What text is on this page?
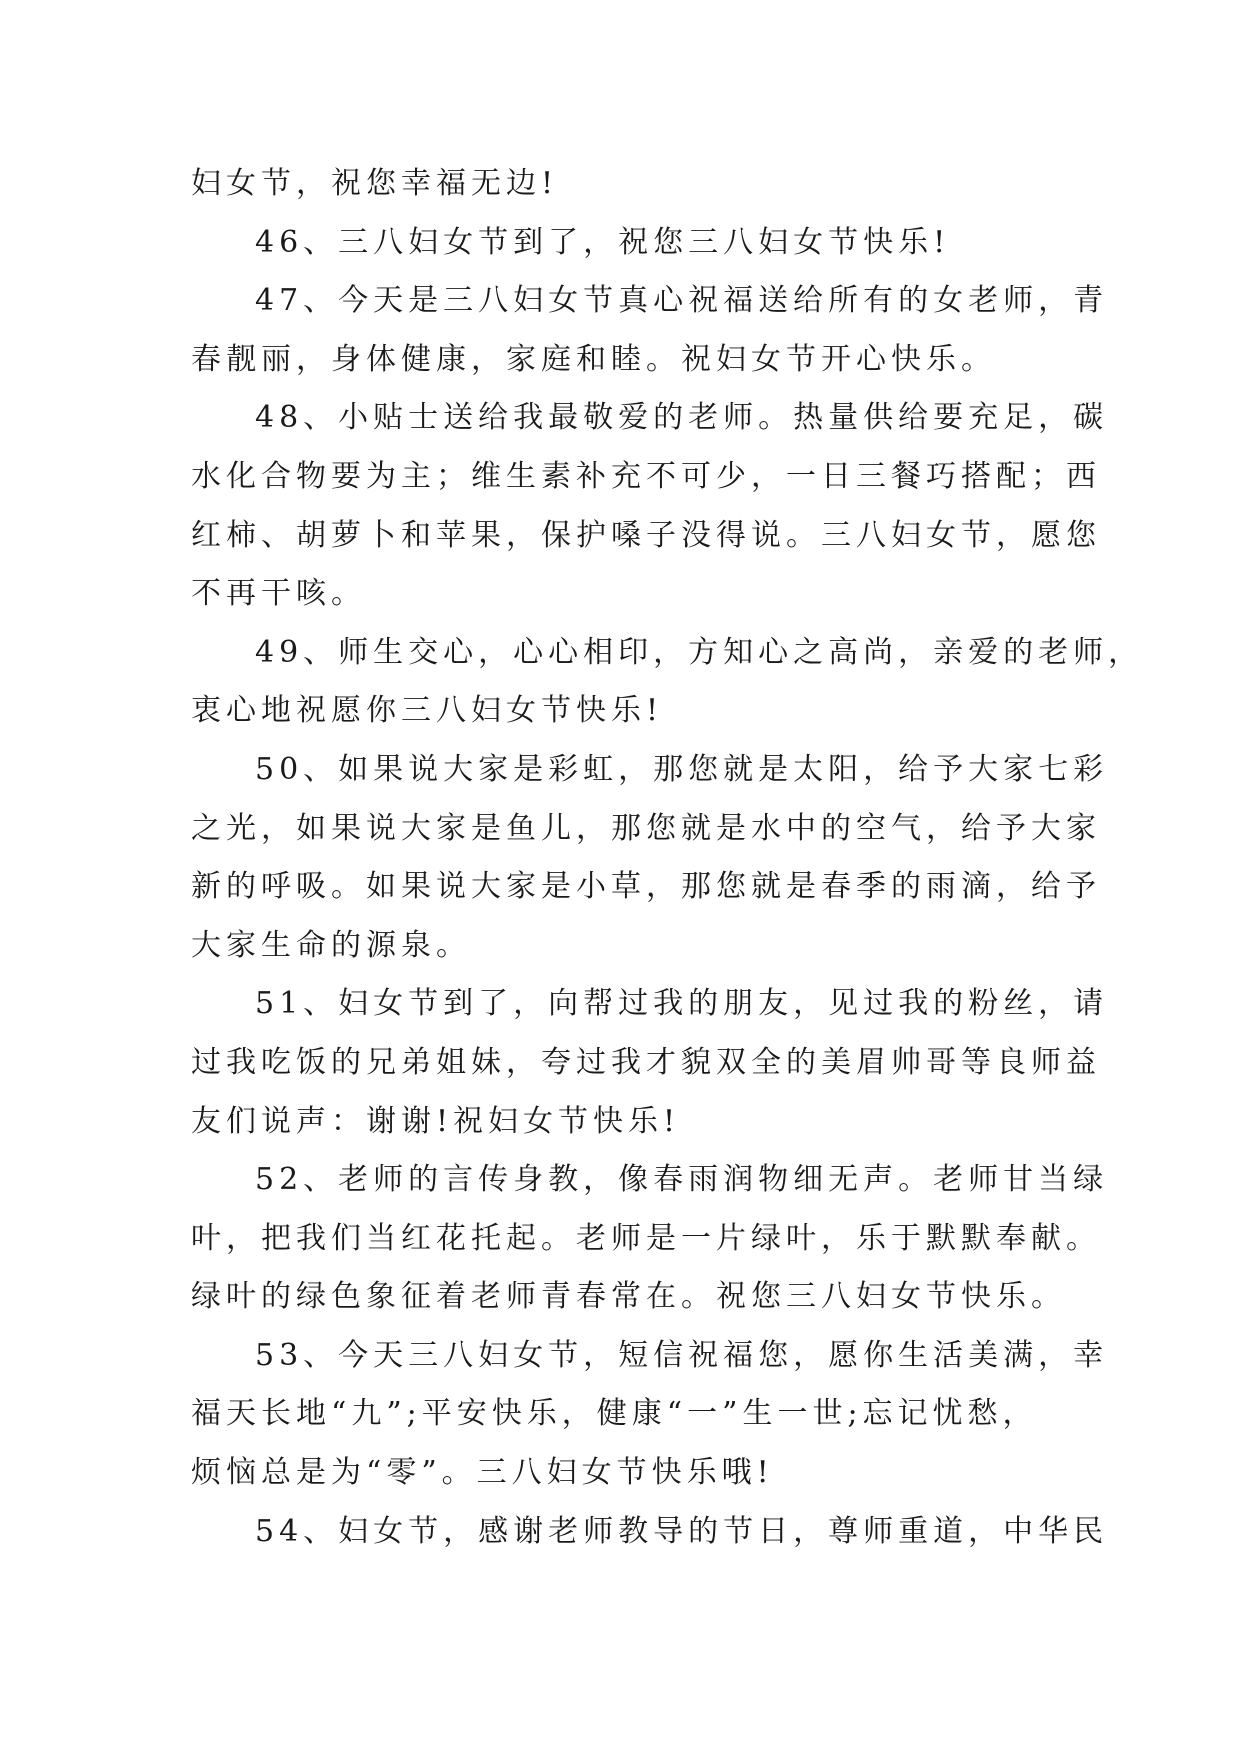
妇女节，祝您幸福无边!
46、三八妇女节到了，祝您三八妇女节快乐!
47、今天是三八妇女节真心祝福送给所有的女老师，青
春靓丽，身体健康，家庭和睦。祝妇女节开心快乐。
48、小贴士送给我最敬爱的老师。热量供给要充足，碳
水化合物要为主；维生素补充不可少，一日三餐巧搭配；西
红柿、胡萝卜和苹果，保护嗓子没得说。三八妇女节，愿您
不再干咳。
49、师生交心，心心相印，方知心之高尚，亲爱的老师，
衷心地祝愿你三八妇女节快乐!
50、如果说大家是彩虹，那您就是太阳，给予大家七彩
之光，如果说大家是鱼儿，那您就是水中的空气，给予大家
新的呼吸。如果说大家是小草，那您就是春季的雨滴，给予
大家生命的源泉。
51、妇女节到了，向帮过我的朋友，见过我的粉丝，请
过我吃饭的兄弟姐妹，夸过我才貌双全的美眉帅哥等良师益
友们说声：谢谢!祝妇女节快乐!
52、老师的言传身教，像春雨润物细无声。老师甘当绿
叶，把我们当红花托起。老师是一片绿叶，乐于默默奉献。
绿叶的绿色象征着老师青春常在。祝您三八妇女节快乐。
53、今天三八妇女节，短信祝福您，愿你生活美满，幸
福天长地“九”;平安快乐，健康“一”生一世;忘记忧愁，
烦恼总是为“零”。三八妇女节快乐哦!
54、妇女节，感谢老师教导的节日，尊师重道，中华民
